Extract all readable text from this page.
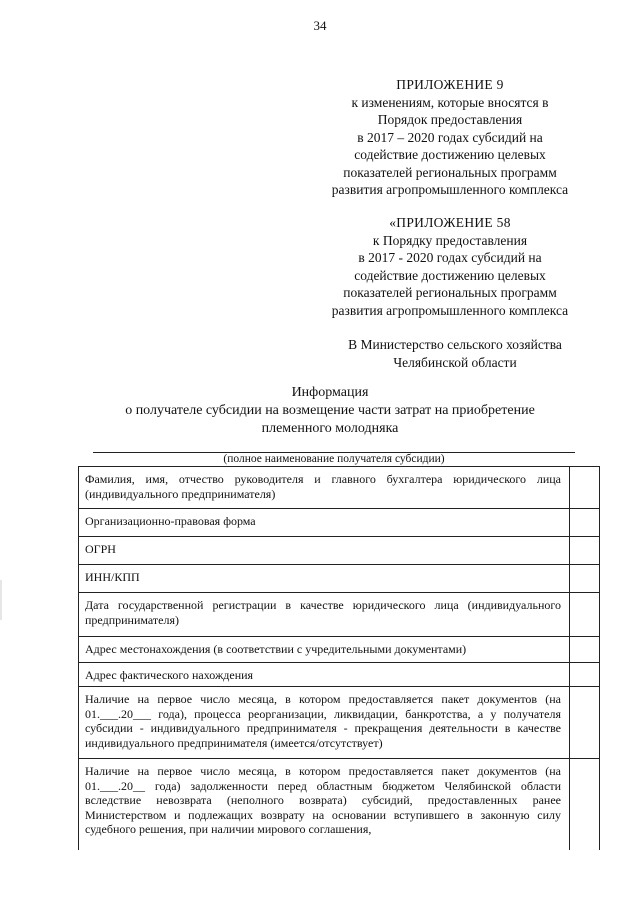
34
ПРИЛОЖЕНИЕ 9
к изменениям, которые вносятся в
Порядок предоставления
в 2017 – 2020 годах субсидий на
содействие достижению целевых
показателей региональных программ
развития агропромышленного комплекса
«ПРИЛОЖЕНИЕ 58
к Порядку предоставления
в 2017 - 2020 годах субсидий на
содействие достижению целевых
показателей региональных программ
развития агропромышленного комплекса
В Министерство сельского хозяйства
Челябинской области
Информация
о получателе субсидии на возмещение части затрат на приобретение
племенного молодняка
(полное наименование получателя субсидии)
Фамилия, имя, отчество руководителя и главного бухгалтера юридического лица (индивидуального предпринимателя)
Организационно-правовая форма
ОГРН
ИНН/КПП
Дата государственной регистрации в качестве юридического лица (индивидуального предпринимателя)
Адрес местонахождения (в соответствии с учредительными документами)
Адрес фактического нахождения
Наличие на первое число месяца, в котором предоставляется пакет документов (на 01.___.20___ года), процесса реорганизации, ликвидации, банкротства, а у получателя субсидии - индивидуального предпринимателя - прекращения деятельности в качестве индивидуального предпринимателя (имеется/отсутствует)
Наличие на первое число месяца, в котором предоставляется пакет документов (на 01.___.20__ года) задолженности перед областным бюджетом Челябинской области вследствие невозврата (неполного возврата) субсидий, предоставленных ранее Министерством и подлежащих возврату на основании вступившего в законную силу судебного решения, при наличии мирового соглашения,
